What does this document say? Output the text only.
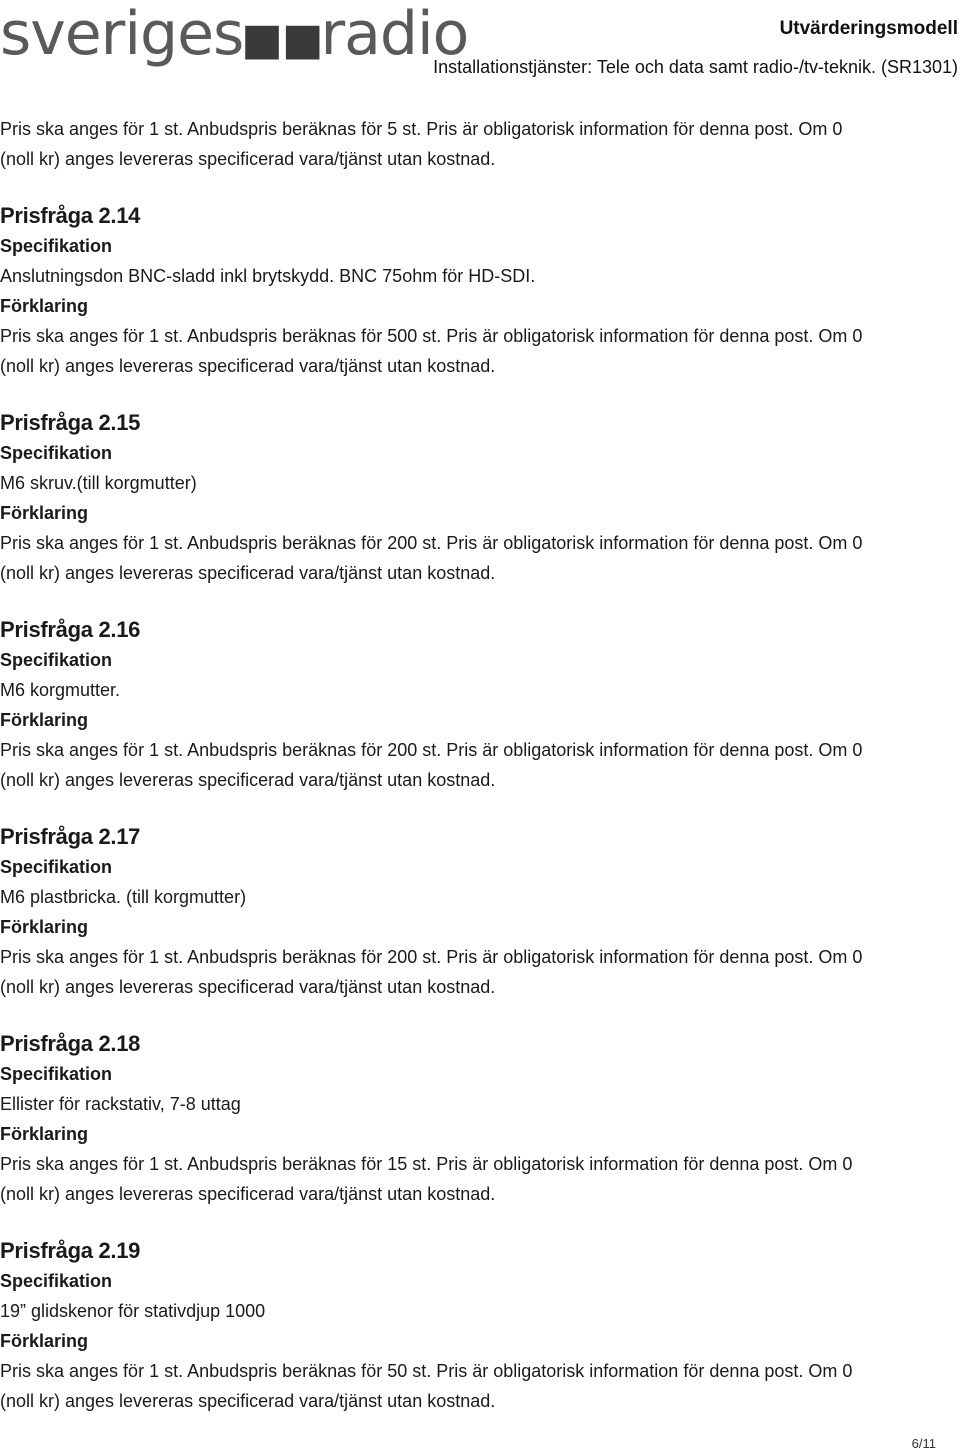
sveriges■■radio	Utvärderingsmodell
Installationstjänster: Tele och data samt radio-/tv-teknik. (SR1301)
Pris ska anges för 1 st. Anbudspris beräknas för 5 st. Pris är obligatorisk information för denna post. Om 0
(noll kr) anges levereras specificerad vara/tjänst utan kostnad.
Prisfråga 2.14
Specifikation
Anslutningsdon BNC-sladd inkl brytskydd. BNC 75ohm för HD-SDI.
Förklaring
Pris ska anges för 1 st. Anbudspris beräknas för 500 st. Pris är obligatorisk information för denna post. Om 0
(noll kr) anges levereras specificerad vara/tjänst utan kostnad.
Prisfråga 2.15
Specifikation
M6 skruv.(till korgmutter)
Förklaring
Pris ska anges för 1 st. Anbudspris beräknas för 200 st. Pris är obligatorisk information för denna post. Om 0
(noll kr) anges levereras specificerad vara/tjänst utan kostnad.
Prisfråga 2.16
Specifikation
M6 korgmutter.
Förklaring
Pris ska anges för 1 st. Anbudspris beräknas för 200 st. Pris är obligatorisk information för denna post. Om 0
(noll kr) anges levereras specificerad vara/tjänst utan kostnad.
Prisfråga 2.17
Specifikation
M6 plastbricka. (till korgmutter)
Förklaring
Pris ska anges för 1 st. Anbudspris beräknas för 200 st. Pris är obligatorisk information för denna post. Om 0
(noll kr) anges levereras specificerad vara/tjänst utan kostnad.
Prisfråga 2.18
Specifikation
Ellister för rackstativ, 7-8 uttag
Förklaring
Pris ska anges för 1 st. Anbudspris beräknas för 15 st. Pris är obligatorisk information för denna post. Om 0
(noll kr) anges levereras specificerad vara/tjänst utan kostnad.
Prisfråga 2.19
Specifikation
19” glidskenor för stativdjup 1000
Förklaring
Pris ska anges för 1 st. Anbudspris beräknas för 50 st. Pris är obligatorisk information för denna post. Om 0
(noll kr) anges levereras specificerad vara/tjänst utan kostnad.
6/11
